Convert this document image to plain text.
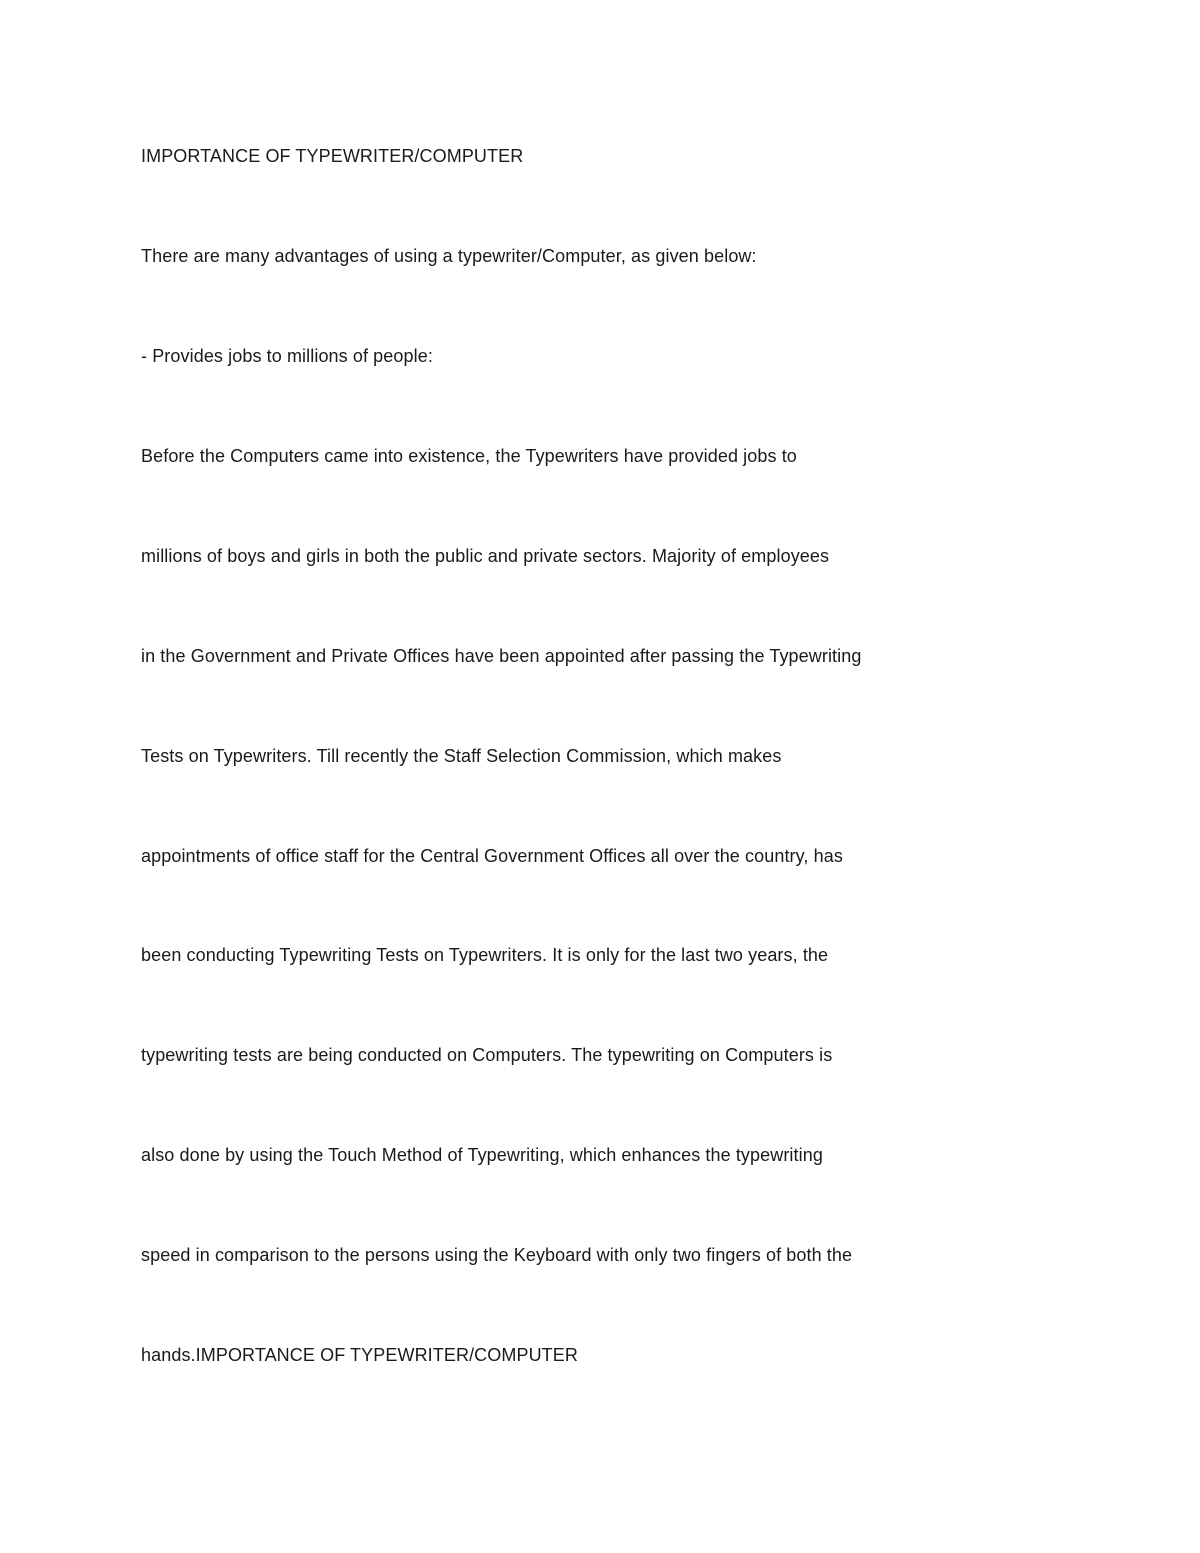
IMPORTANCE OF TYPEWRITER/COMPUTER

There are many advantages of using a typewriter/Computer, as given below:

- Provides jobs to millions of people:

Before the Computers came into existence, the Typewriters have provided jobs to

millions of boys and girls in both the public and private sectors. Majority of employees

in the Government and Private Offices have been appointed after passing the Typewriting

Tests on Typewriters. Till recently the Staff Selection Commission, which makes

appointments of office staff for the Central Government Offices all over the country, has

been conducting Typewriting Tests on Typewriters. It is only for the last two years, the

typewriting tests are being conducted on Computers. The typewriting on Computers is

also done by using the Touch Method of Typewriting, which enhances the typewriting

speed in comparison to the persons using the Keyboard with only two fingers of both the

hands.IMPORTANCE OF TYPEWRITER/COMPUTER
